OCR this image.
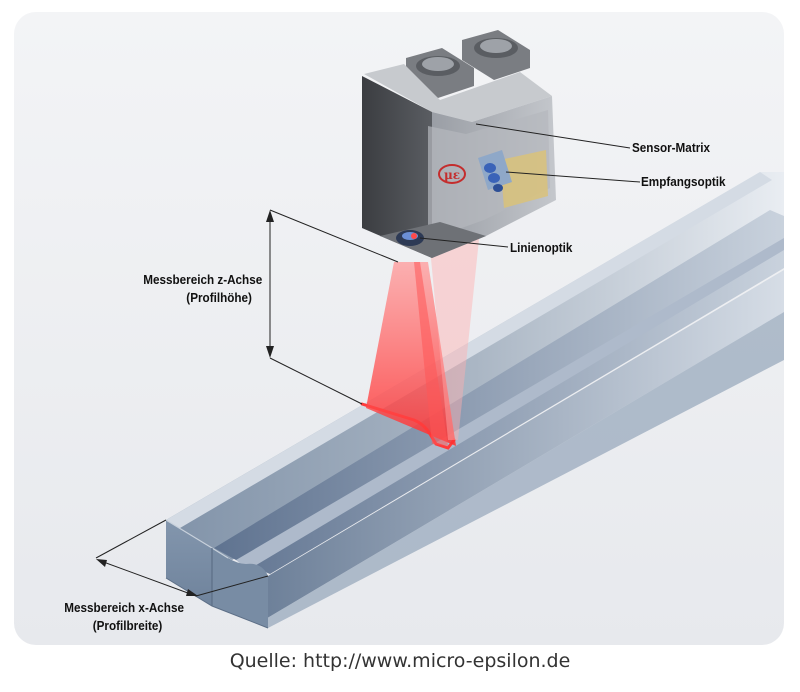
με
Sensor-Matrix
Empfangsoptik
Linienoptik
Messbereich z-Achse
(Profilhöhe)
Messbereich x-Achse
(Profilbreite)
Quelle: http://www.micro-epsilon.de
